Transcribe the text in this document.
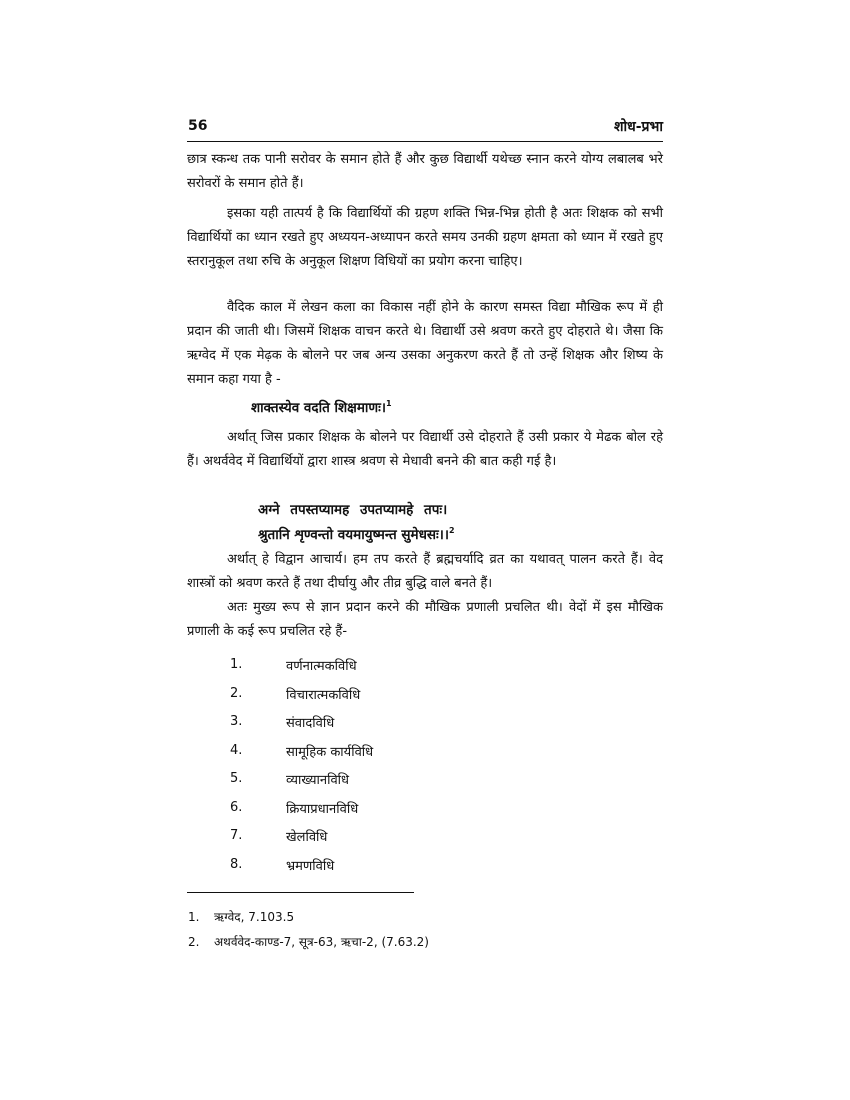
56	शोध-प्रभा

छात्र स्कन्ध तक पानी सरोवर के समान होते हैं और कुछ विद्यार्थी यथेच्छ स्नान करने योग्य लबालब भरे सरोवरों के समान होते हैं।

इसका यही तात्पर्य है कि विद्यार्थियों की ग्रहण शक्ति भिन्न-भिन्न होती है अतः शिक्षक को सभी विद्यार्थियों का ध्यान रखते हुए अध्ययन-अध्यापन करते समय उनकी ग्रहण क्षमता को ध्यान में रखते हुए स्तरानुकूल तथा रुचि के अनुकूल शिक्षण विधियों का प्रयोग करना चाहिए।

वैदिक काल में लेखन कला का विकास नहीं होने के कारण समस्त विद्या मौखिक रूप में ही प्रदान की जाती थी। जिसमें शिक्षक वाचन करते थे। विद्यार्थी उसे श्रवण करते हुए दोहराते थे। जैसा कि ऋग्वेद में एक मेढ़क के बोलने पर जब अन्य उसका अनुकरण करते हैं तो उन्हें शिक्षक और शिष्य के समान कहा गया है -

शाक्तस्येव वदति शिक्षमाणः।$^1$

अर्थात् जिस प्रकार शिक्षक के बोलने पर विद्यार्थी उसे दोहराते हैं उसी प्रकार ये मेढक बोल रहे हैं। अथर्ववेद में विद्यार्थियों द्वारा शास्त्र श्रवण से मेधावी बनने की बात कही गई है।

अग्ने तपस्तप्यामह उपतप्यामहे तपः।
श्रुतानि शृण्वन्तो वयमायुष्मन्त सुमेधसः।।$^2$

अर्थात् हे विद्वान आचार्य। हम तप करते हैं ब्रह्मचर्यादि व्रत का यथावत् पालन करते हैं। वेद शास्त्रों को श्रवण करते हैं तथा दीर्घायु और तीव्र बुद्धि वाले बनते हैं।

अतः मुख्य रूप से ज्ञान प्रदान करने की मौखिक प्रणाली प्रचलित थी। वेदों में इस मौखिक प्रणाली के कई रूप प्रचलित रहे हैं-

1.	वर्णनात्मकविधि
2.	विचारात्मकविधि
3.	संवादविधि
4.	सामूहिक कार्यविधि
5.	व्याख्यानविधि
6.	क्रियाप्रधानविधि
7.	खेलविधि
8.	भ्रमणविधि
1. ऋग्वेद, 7.103.5
2. अथर्ववेद-काण्ड-7, सूत्र-63, ऋचा-2, (7.63.2)
